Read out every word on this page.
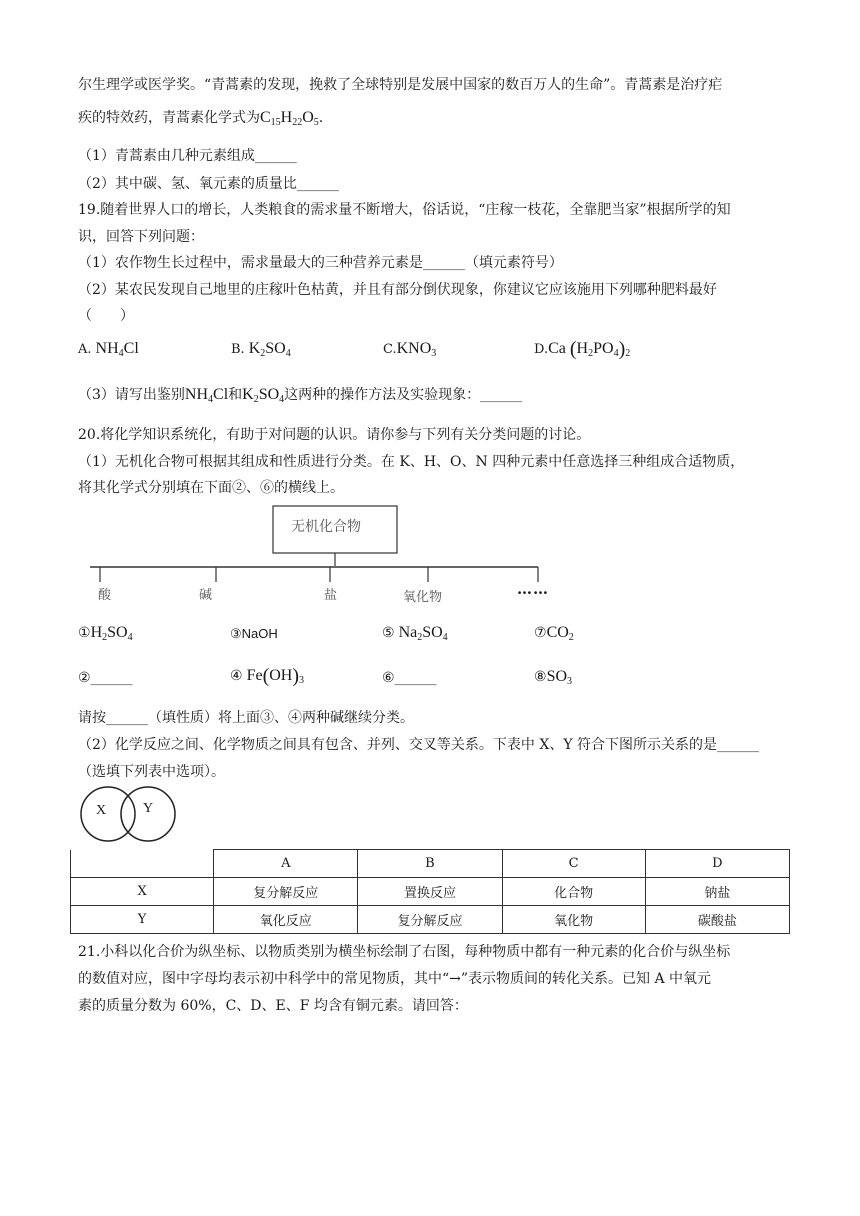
尔生理学或医学奖。“青蒿素的发现，挽救了全球特别是发展中国家的数百万人的生命”。青蒿素是治疗疟
疾的特效药，青蒿素化学式为$C_{15}H_{22}O_5$.
（1）青蒿素由几种元素组成______
（2）其中碳、氢、氧元素的质量比______
19.随着世界人口的增长，人类粮食的需求量不断增大，俗话说，“庄稼一枝花，全靠肥当家”根据所学的知
识，回答下列问题：
（1）农作物生长过程中，需求量最大的三种营养元素是______（填元素符号）
（2）某农民发现自己地里的庄稼叶色枯黄，并且有部分倒伏现象，你建议它应该施用下列哪种肥料最好
（　　）
A. $NH_4Cl$	B. $K_2SO_4$	$C.KNO_3$	D.Ca $(H_2PO_4)_2$
（3）请写出鉴别$NH_4Cl$和$K_2SO_4$这两种的操作方法及实验现象：______
20.将化学知识系统化，有助于对问题的认识。请你参与下列有关分类问题的讨论。
（1）无机化合物可根据其组成和性质进行分类。在 K、H、O、N 四种元素中任意选择三种组成合适物质，
将其化学式分别填在下面②、⑥的横线上。
无机化合物
酸	碱	盐	氧化物	……
$①H_2SO_4$	③NaOH	⑤ $Na_2SO_4$	$⑦CO_2$
②______	④ $Fe(OH)_3$	⑥______	$⑧SO_3$
请按______（填性质）将上面③、④两种碱继续分类。
（2）化学反应之间、化学物质之间具有包含、并列、交叉等关系。下表中 X、Y 符合下图所示关系的是______
（选填下列表中选项）。
X	Y
	A	B	C	D
X	复分解反应	置换反应	化合物	钠盐
Y	氧化反应	复分解反应	氧化物	碳酸盐
21.小科以化合价为纵坐标、以物质类别为横坐标绘制了右图，每种物质中都有一种元素的化合价与纵坐标
的数值对应，图中字母均表示初中科学中的常见物质，其中“→”表示物质间的转化关系。已知 A 中氧元
素的质量分数为 60%，C、D、E、F 均含有铜元素。请回答：
